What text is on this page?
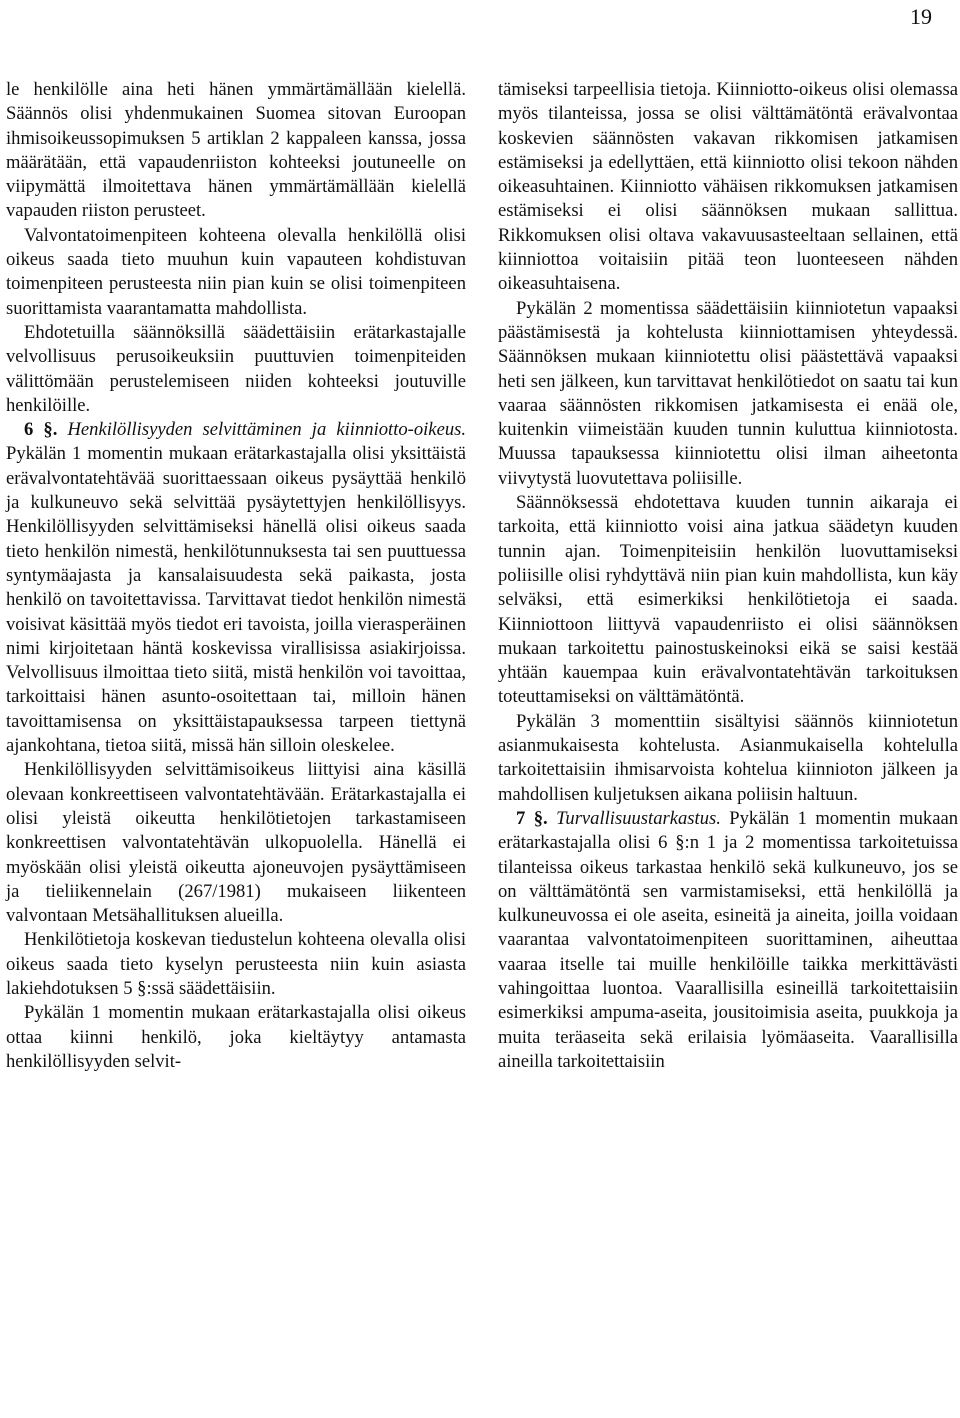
19

le henkilölle aina heti hänen ymmärtämällään kielellä. Säännös olisi yhdenmukainen Suomea sitovan Euroopan ihmisoikeussopimuksen 5 artiklan 2 kappaleen kanssa, jossa määrätään, että vapaudenriiston kohteeksi joutuneelle on viipymättä ilmoitettava hänen ymmärtämällään kielellä vapauden riiston perusteet.

Valvontatoimenpiteen kohteena olevalla henkilöllä olisi oikeus saada tieto muuhun kuin vapauteen kohdistuvan toimenpiteen perusteesta niin pian kuin se olisi toimenpiteen suorittamista vaarantamatta mahdollista.

Ehdotetuilla säännöksillä säädettäisiin erätarkastajalle velvollisuus perusoikeuksiin puuttuvien toimenpiteiden välittömään perustelemiseen niiden kohteeksi joutuville henkilöille.

6 §. Henkilöllisyyden selvittäminen ja kiinniotto-oikeus. Pykälän 1 momentin mukaan erätarkastajalla olisi yksittäistä erävalvontatehtävää suorittaessaan oikeus pysäyttää henkilö ja kulkuneuvo sekä selvittää pysäytettyjen henkilöllisyys. Henkilöllisyyden selvittämiseksi hänellä olisi oikeus saada tieto henkilön nimestä, henkilötunnuksesta tai sen puuttuessa syntymäajasta ja kansalaisuudesta sekä paikasta, josta henkilö on tavoitettavissa. Tarvittavat tiedot henkilön nimestä voisivat käsittää myös tiedot eri tavoista, joilla vierasperäinen nimi kirjoitetaan häntä koskevissa virallisissa asiakirjoissa. Velvollisuus ilmoittaa tieto siitä, mistä henkilön voi tavoittaa, tarkoittaisi hänen asunto-osoitettaan tai, milloin hänen tavoittamisensa on yksittäistapauksessa tarpeen tiettynä ajankohtana, tietoa siitä, missä hän silloin oleskelee.

Henkilöllisyyden selvittämisoikeus liittyisi aina käsillä olevaan konkreettiseen valvontatehtävään. Erätarkastajalla ei olisi yleistä oikeutta henkilötietojen tarkastamiseen konkreettisen valvontatehtävän ulkopuolella. Hänellä ei myöskään olisi yleistä oikeutta ajoneuvojen pysäyttämiseen ja tieliikennelain (267/1981) mukaiseen liikenteen valvontaan Metsähallituksen alueilla.

Henkilötietoja koskevan tiedustelun kohteena olevalla olisi oikeus saada tieto kyselyn perusteesta niin kuin asiasta lakiehdotuksen 5 §:ssä säädettäisiin.

Pykälän 1 momentin mukaan erätarkastajalla olisi oikeus ottaa kiinni henkilö, joka kieltäytyy antamasta henkilöllisyyden selvit-

tämiseksi tarpeellisia tietoja. Kiinniotto-oikeus olisi olemassa myös tilanteissa, jossa se olisi välttämätöntä erävalvontaa koskevien säännösten vakavan rikkomisen jatkamisen estämiseksi ja edellyttäen, että kiinniotto olisi tekoon nähden oikeasuhtainen. Kiinniotto vähäisen rikkomuksen jatkamisen estämiseksi ei olisi säännöksen mukaan sallittua. Rikkomuksen olisi oltava vakavuusasteeltaan sellainen, että kiinniottoa voitaisiin pitää teon luonteeseen nähden oikeasuhtaisena.

Pykälän 2 momentissa säädettäisiin kiinniotetun vapaaksi päästämisestä ja kohtelusta kiinniottamisen yhteydessä. Säännöksen mukaan kiinniotettu olisi päästettävä vapaaksi heti sen jälkeen, kun tarvittavat henkilötiedot on saatu tai kun vaaraa säännösten rikkomisen jatkamisesta ei enää ole, kuitenkin viimeistään kuuden tunnin kuluttua kiinniotosta. Muussa tapauksessa kiinniotettu olisi ilman aiheetonta viivytystä luovutettava poliisille.

Säännöksessä ehdotettava kuuden tunnin aikaraja ei tarkoita, että kiinniotto voisi aina jatkua säädetyn kuuden tunnin ajan. Toimenpiteisiin henkilön luovuttamiseksi poliisille olisi ryhdyttävä niin pian kuin mahdollista, kun käy selväksi, että esimerkiksi henkilötietoja ei saada. Kiinniottoon liittyvä vapaudenriisto ei olisi säännöksen mukaan tarkoitettu painostuskeinoksi eikä se saisi kestää yhtään kauempaa kuin erävalvontatehtävän tarkoituksen toteuttamiseksi on välttämätöntä.

Pykälän 3 momenttiin sisältyisi säännös kiinniotetun asianmukaisesta kohtelusta. Asianmukaisella kohtelulla tarkoitettaisiin ihmisarvoista kohtelua kiinnioton jälkeen ja mahdollisen kuljetuksen aikana poliisin haltuun.

7 §. Turvallisuustarkastus. Pykälän 1 momentin mukaan erätarkastajalla olisi 6 §:n 1 ja 2 momentissa tarkoitetuissa tilanteissa oikeus tarkastaa henkilö sekä kulkuneuvo, jos se on välttämätöntä sen varmistamiseksi, että henkilöllä ja kulkuneuvossa ei ole aseita, esineitä ja aineita, joilla voidaan vaarantaa valvontatoimenpiteen suorittaminen, aiheuttaa vaaraa itselle tai muille henkilöille taikka merkittävästi vahingoittaa luontoa. Vaarallisilla esineillä tarkoitettaisiin esimerkiksi ampuma-aseita, jousitoimisia aseita, puukkoja ja muita teräaseita sekä erilaisia lyömäaseita. Vaarallisilla aineilla tarkoitettaisiin
